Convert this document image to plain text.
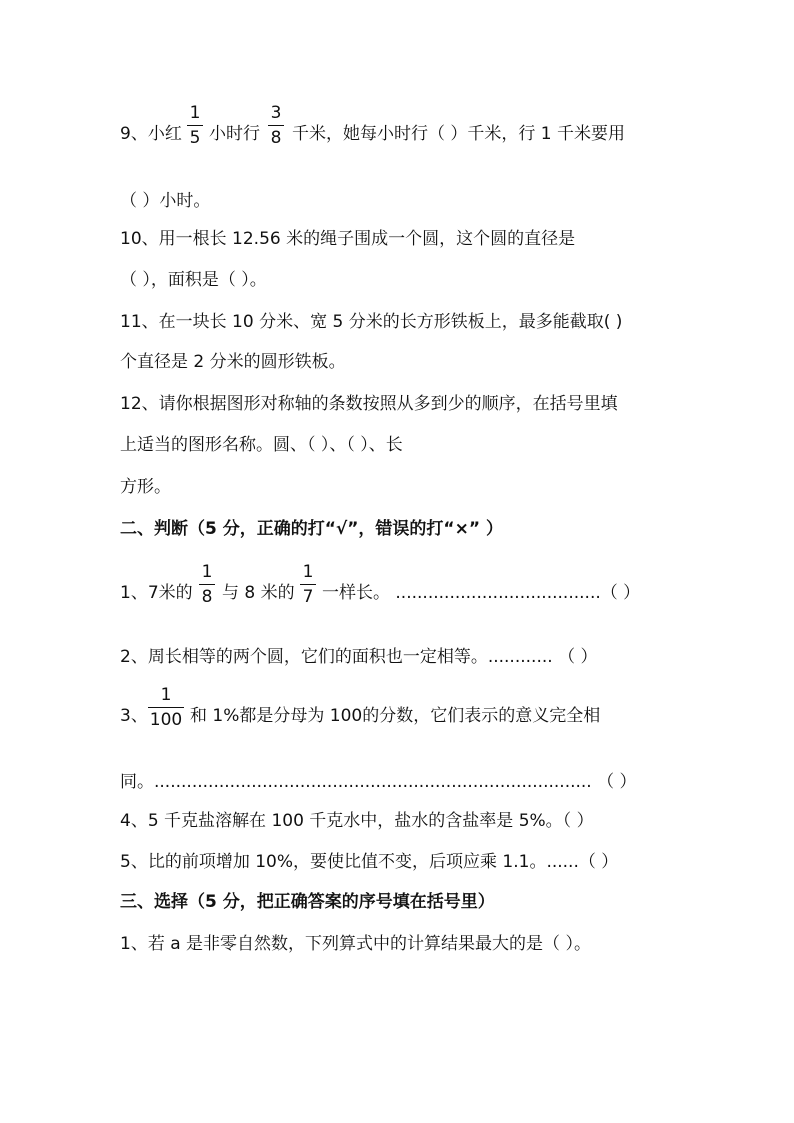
9、小红
1
5 小时行
3
8 千米，她每小时行（ ）千米，行 1 千米要用
（ ）小时。
10、用一根长 12.56 米的绳子围成一个圆，这个圆的直径是
（ ），面积是（ ）。
11、在一块长 10 分米、宽 5 分米的长方形铁板上，最多能截取( )
个直径是 2 分米的圆形铁板。
12、请你根据图形对称轴的条数按照从多到少的顺序，在括号里填
上适当的图形名称。圆、（ ）、（ ）、长
方形。
二、判断（5 分，正确的打“√”，错误的打“×” ）
1、7米的
1
8 与 8 米的
1
7 一样长。 ......................................（ ）
2、周长相等的两个圆，它们的面积也一定相等。............ （ ）
3、
1
100 和 1%都是分母为 100的分数，它们表示的意义完全相
同。................................................................................. （ ）
4、5 千克盐溶解在 100 千克水中，盐水的含盐率是 5%。（ ）
5、比的前项增加 10%，要使比值不变，后项应乘 1.1。......（ ）
三、选择（5 分，把正确答案的序号填在括号里）
1、若 a 是非零自然数，下列算式中的计算结果最大的是（ ）。
